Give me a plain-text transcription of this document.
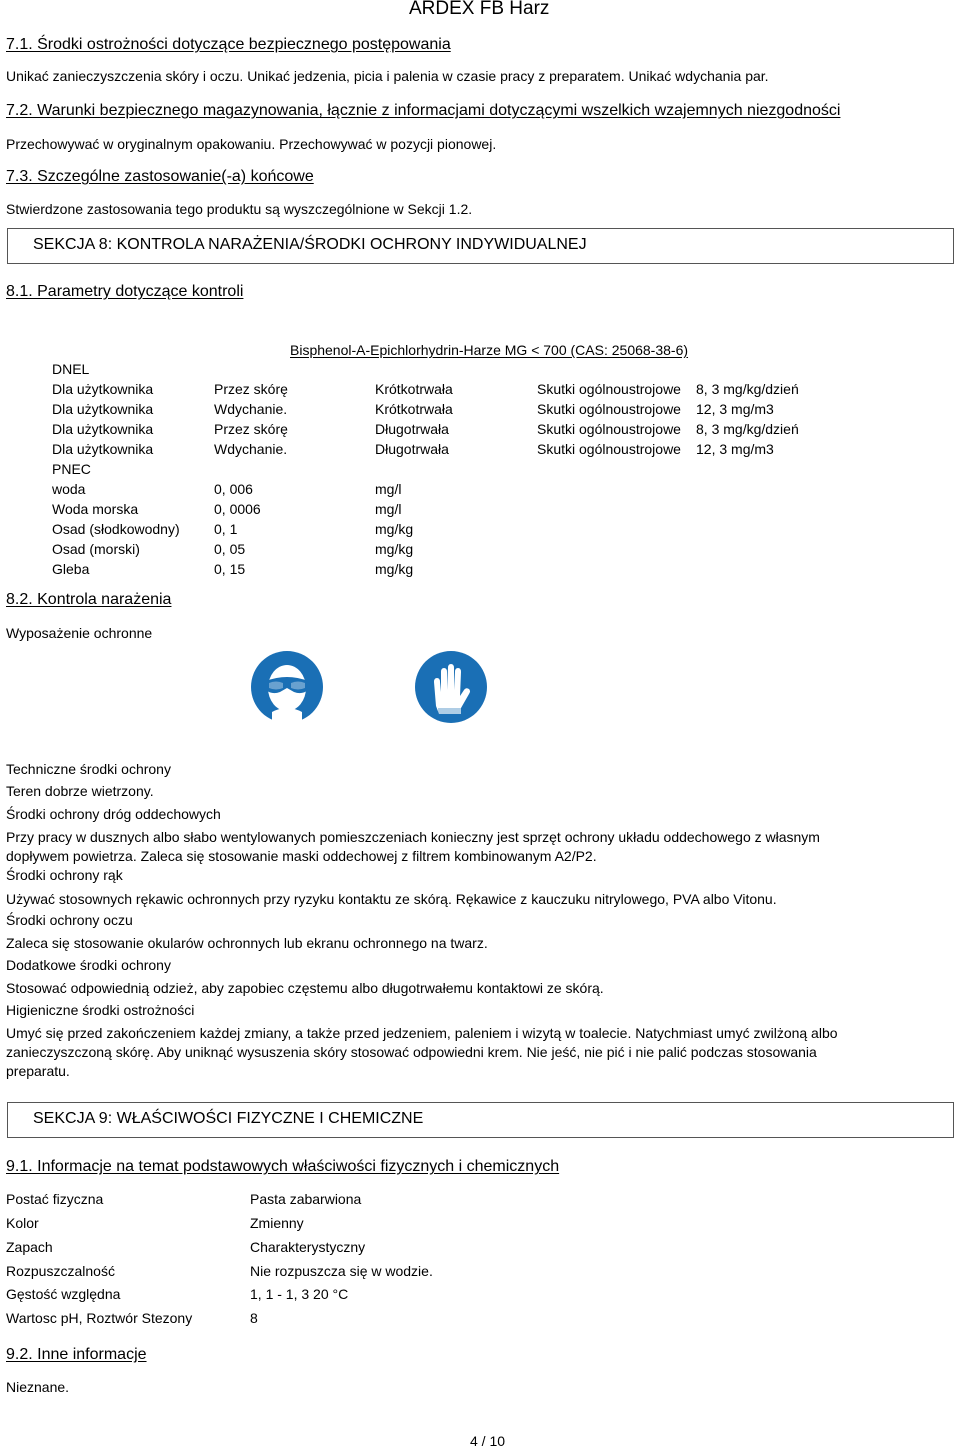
ARDEX FB Harz
7.1. Środki ostrożności dotyczące bezpiecznego postępowania
Unikać zanieczyszczenia skóry i oczu. Unikać jedzenia, picia i palenia w czasie pracy z preparatem. Unikać wdychania par.
7.2. Warunki bezpiecznego magazynowania, łącznie z informacjami dotyczącymi wszelkich wzajemnych niezgodności
Przechowywać w oryginalnym opakowaniu. Przechowywać w pozycji pionowej.
7.3. Szczególne zastosowanie(-a) końcowe
Stwierdzone zastosowania tego produktu są wyszczególnione w Sekcji 1.2.
SEKCJA 8: KONTROLA NARAŻENIA/ŚRODKI OCHRONY INDYWIDUALNEJ
8.1. Parametry dotyczące kontroli
Bisphenol-A-Epichlorhydrin-Harze MG < 700 (CAS: 25068-38-6)
DNEL
Dla użytkownika	Przez skórę	Krótkotrwała	Skutki ogólnoustrojowe 8, 3 mg/kg/dzień
Dla użytkownika	Wdychanie.	Krótkotrwała	Skutki ogólnoustrojowe 12, 3 mg/m3
Dla użytkownika	Przez skórę	Długotrwała	Skutki ogólnoustrojowe 8, 3 mg/kg/dzień
Dla użytkownika	Wdychanie.	Długotrwała	Skutki ogólnoustrojowe 12, 3 mg/m3
PNEC
woda	0, 006	mg/l
Woda morska	0, 0006	mg/l
Osad (słodkowodny) 0, 1	mg/kg
Osad (morski)	0, 05	mg/kg
Gleba	0, 15	mg/kg
8.2. Kontrola narażenia
Wyposażenie ochronne
Techniczne środki ochrony
Teren dobrze wietrzony.
Środki ochrony dróg oddechowych
Przy pracy w dusznych albo słabo wentylowanych pomieszczeniach konieczny jest sprzęt ochrony układu oddechowego z własnym
dopływem powietrza. Zaleca się stosowanie maski oddechowej z filtrem kombinowanym A2/P2.
Środki ochrony rąk
Używać stosownych rękawic ochronnych przy ryzyku kontaktu ze skórą. Rękawice z kauczuku nitrylowego, PVA albo Vitonu.
Środki ochrony oczu
Zaleca się stosowanie okularów ochronnych lub ekranu ochronnego na twarz.
Dodatkowe środki ochrony
Stosować odpowiednią odzież, aby zapobiec częstemu albo długotrwałemu kontaktowi ze skórą.
Higieniczne środki ostrożności
Umyć się przed zakończeniem każdej zmiany, a także przed jedzeniem, paleniem i wizytą w toalecie. Natychmiast umyć zwilżoną albo
zanieczyszczoną skórę. Aby uniknąć wysuszenia skóry stosować odpowiedni krem. Nie jeść, nie pić i nie palić podczas stosowania
preparatu.
SEKCJA 9: WŁAŚCIWOŚCI FIZYCZNE I CHEMICZNE
9.1. Informacje na temat podstawowych właściwości fizycznych i chemicznych
Postać fizyczna	Pasta zabarwiona
Kolor	Zmienny
Zapach	Charakterystyczny
Rozpuszczalność	Nie rozpuszcza się w wodzie.
Gęstość względna	1, 1 - 1, 3 20 °C
Wartosc pH, Roztwór Stezony	8
9.2. Inne informacje
Nieznane.
4 / 10
